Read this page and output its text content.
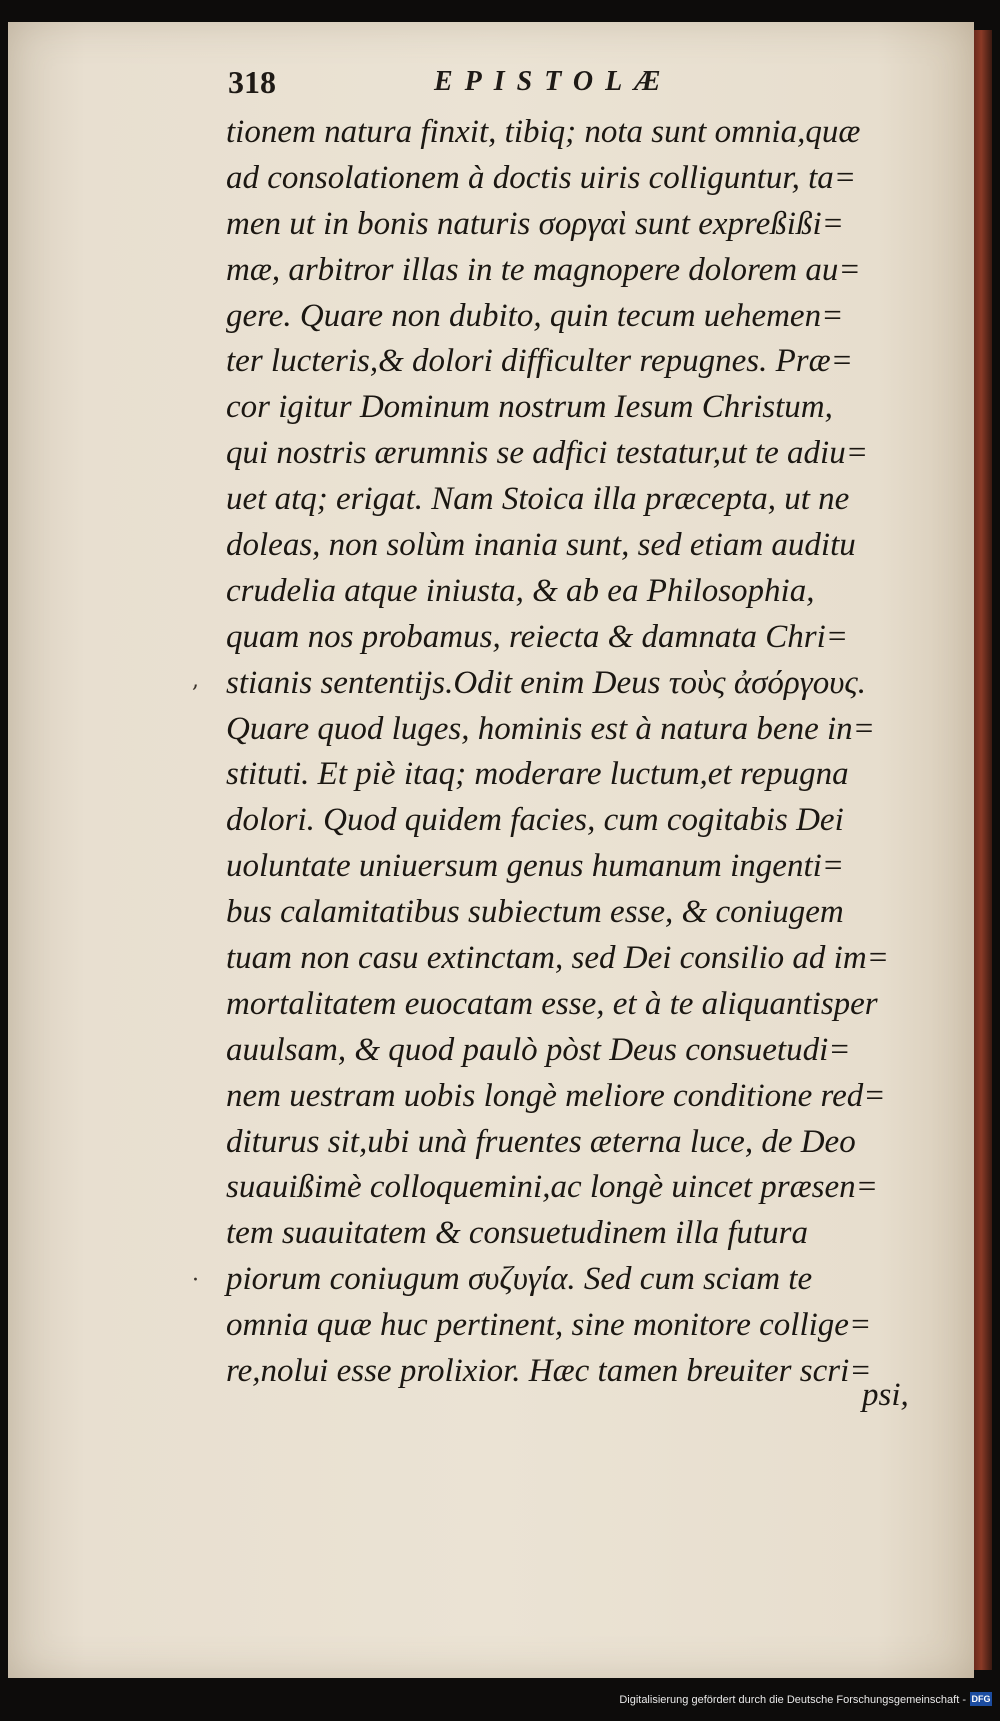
318	EPISTOLÆ
tionem natura finxit, tibiq; nota sunt omnia,quæ
ad consolationem à doctis uiris colliguntur, ta=
men ut in bonis naturis σοργαὶ sunt expreßißi=
mæ, arbitror illas in te magnopere dolorem au=
gere. Quare non dubito, quin tecum uehemen=
ter lucteris,& dolori difficulter repugnes. Præ=
cor igitur Dominum nostrum Iesum Christum,
qui nostris ærumnis se adfici testatur,ut te adiu=
uet atq; erigat. Nam Stoica illa præcepta, ut ne
doleas, non solùm inania sunt, sed etiam auditu
crudelia atque iniusta, & ab ea Philosophia,
quam nos probamus, reiecta & damnata Chri=
stianis sententijs.Odit enim Deus τοὺς ἀσόργους.
Quare quod luges, hominis est à natura bene in=
stituti. Et piè itaq; moderare luctum,et repugna
dolori. Quod quidem facies, cum cogitabis Dei
uoluntate uniuersum genus humanum ingenti=
bus calamitatibus subiectum esse, & coniugem
tuam non casu extinctam, sed Dei consilio ad im=
mortalitatem euocatam esse, et à te aliquantisper
auulsam, & quod paulò pòst Deus consuetudi=
nem uestram uobis longè meliore conditione red=
diturus sit,ubi unà fruentes æterna luce, de Deo
suauißimè colloquemini,ac longè uincet præsen=
tem suauitatem & consuetudinem illa futura
piorum coniugum συζυγία. Sed cum sciam te
omnia quæ huc pertinent, sine monitore collige=
re,nolui esse prolixior. Hæc tamen breuiter scri=
psi,
,
·
Digitalisierung gefördert durch die Deutsche Forschungsgemeinschaft - DFG
